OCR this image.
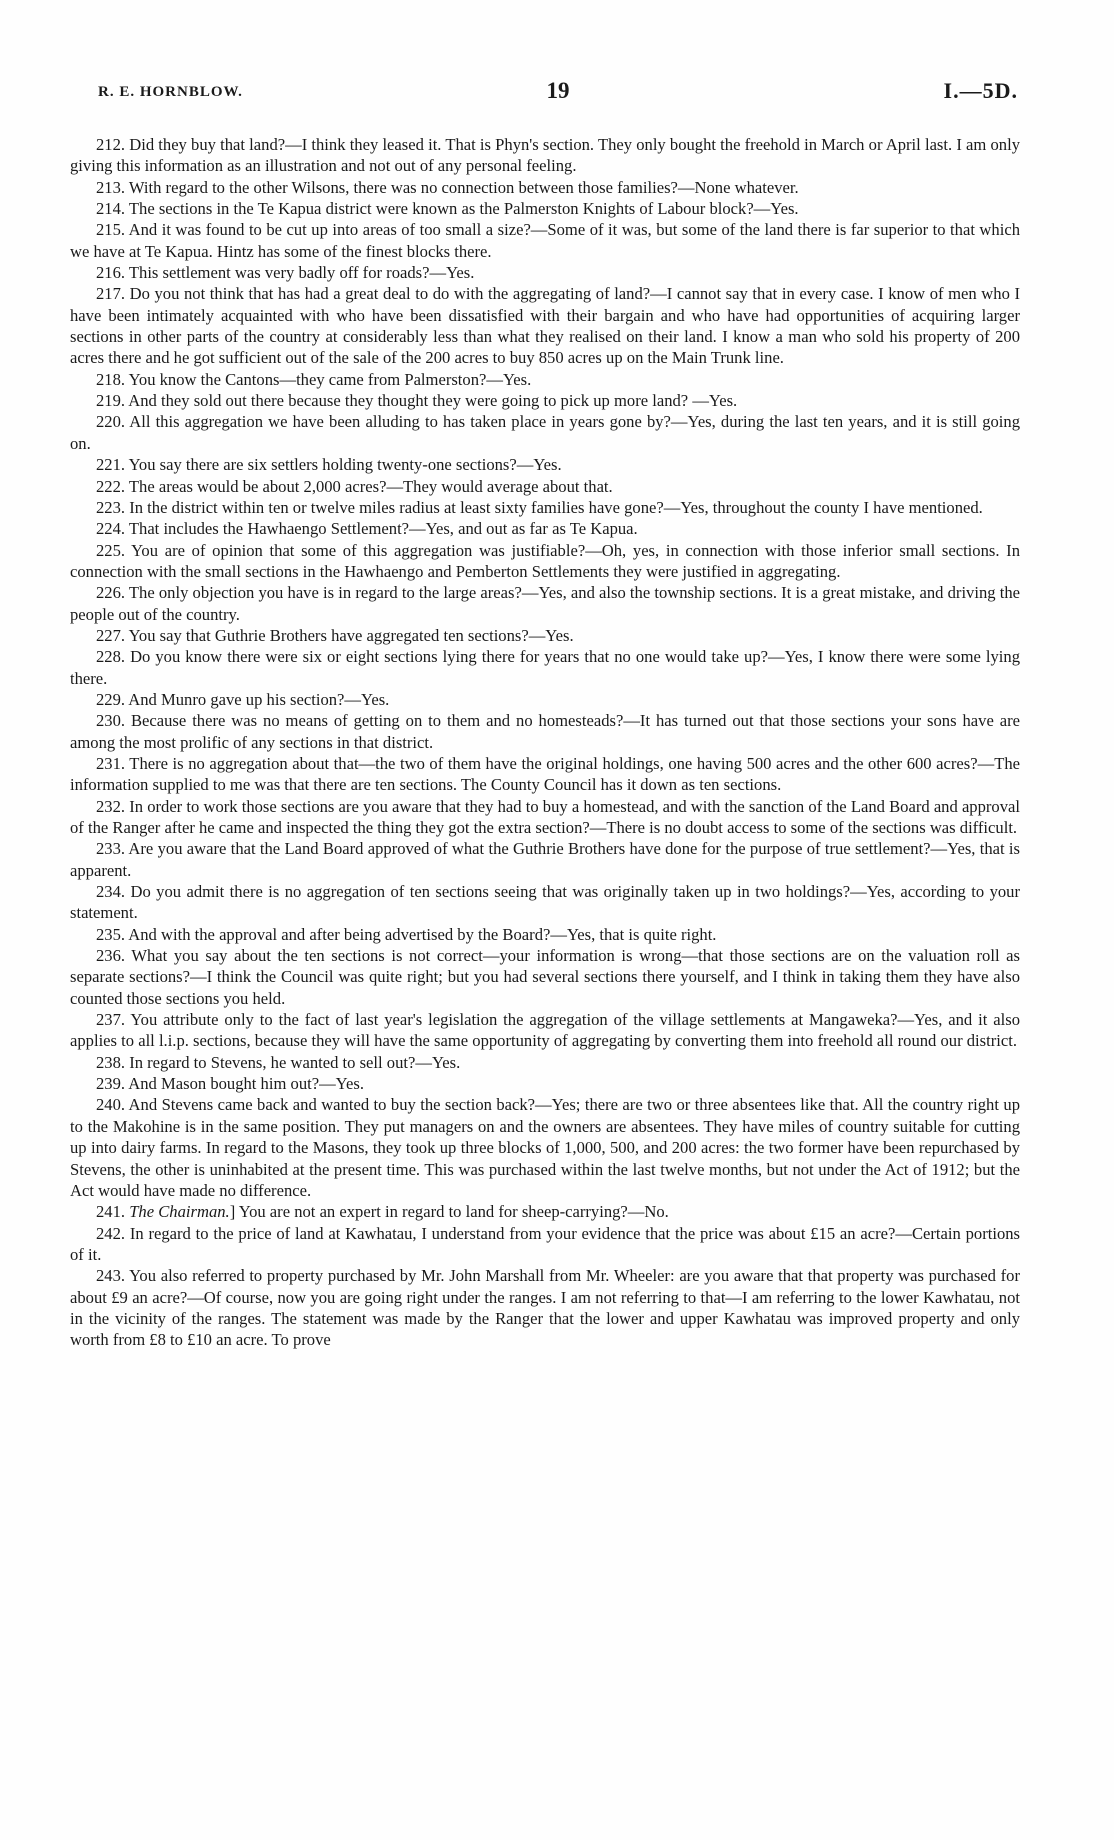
R. E. HORNBLOW.	19	I.—5D.

212. Did they buy that land?—I think they leased it. That is Phyn's section. They only bought the freehold in March or April last. I am only giving this information as an illustration and not out of any personal feeling.

213. With regard to the other Wilsons, there was no connection between those families?—None whatever.

214. The sections in the Te Kapua district were known as the Palmerston Knights of Labour block?—Yes.

215. And it was found to be cut up into areas of too small a size?—Some of it was, but some of the land there is far superior to that which we have at Te Kapua. Hintz has some of the finest blocks there.

216. This settlement was very badly off for roads?—Yes.

217. Do you not think that has had a great deal to do with the aggregating of land?—I cannot say that in every case. I know of men who I have been intimately acquainted with who have been dissatisfied with their bargain and who have had opportunities of acquiring larger sections in other parts of the country at considerably less than what they realised on their land. I know a man who sold his property of 200 acres there and he got sufficient out of the sale of the 200 acres to buy 850 acres up on the Main Trunk line.

218. You know the Cantons—they came from Palmerston?—Yes.

219. And they sold out there because they thought they were going to pick up more land? —Yes.

220. All this aggregation we have been alluding to has taken place in years gone by?—Yes, during the last ten years, and it is still going on.

221. You say there are six settlers holding twenty-one sections?—Yes.

222. The areas would be about 2,000 acres?—They would average about that.

223. In the district within ten or twelve miles radius at least sixty families have gone?—Yes, throughout the county I have mentioned.

224. That includes the Hawhaengo Settlement?—Yes, and out as far as Te Kapua.

225. You are of opinion that some of this aggregation was justifiable?—Oh, yes, in connection with those inferior small sections. In connection with the small sections in the Hawhaengo and Pemberton Settlements they were justified in aggregating.

226. The only objection you have is in regard to the large areas?—Yes, and also the township sections. It is a great mistake, and driving the people out of the country.

227. You say that Guthrie Brothers have aggregated ten sections?—Yes.

228. Do you know there were six or eight sections lying there for years that no one would take up?—Yes, I know there were some lying there.

229. And Munro gave up his section?—Yes.

230. Because there was no means of getting on to them and no homesteads?—It has turned out that those sections your sons have are among the most prolific of any sections in that district.

231. There is no aggregation about that—the two of them have the original holdings, one having 500 acres and the other 600 acres?—The information supplied to me was that there are ten sections. The County Council has it down as ten sections.

232. In order to work those sections are you aware that they had to buy a homestead, and with the sanction of the Land Board and approval of the Ranger after he came and inspected the thing they got the extra section?—There is no doubt access to some of the sections was difficult.

233. Are you aware that the Land Board approved of what the Guthrie Brothers have done for the purpose of true settlement?—Yes, that is apparent.

234. Do you admit there is no aggregation of ten sections seeing that was originally taken up in two holdings?—Yes, according to your statement.

235. And with the approval and after being advertised by the Board?—Yes, that is quite right.

236. What you say about the ten sections is not correct—your information is wrong—that those sections are on the valuation roll as separate sections?—I think the Council was quite right; but you had several sections there yourself, and I think in taking them they have also counted those sections you held.

237. You attribute only to the fact of last year's legislation the aggregation of the village settlements at Mangaweka?—Yes, and it also applies to all l.i.p. sections, because they will have the same opportunity of aggregating by converting them into freehold all round our district.

238. In regard to Stevens, he wanted to sell out?—Yes.

239. And Mason bought him out?—Yes.

240. And Stevens came back and wanted to buy the section back?—Yes; there are two or three absentees like that. All the country right up to the Makohine is in the same position. They put managers on and the owners are absentees. They have miles of country suitable for cutting up into dairy farms. In regard to the Masons, they took up three blocks of 1,000, 500, and 200 acres: the two former have been repurchased by Stevens, the other is uninhabited at the present time. This was purchased within the last twelve months, but not under the Act of 1912; but the Act would have made no difference.

241. The Chairman.] You are not an expert in regard to land for sheep-carrying?—No.

242. In regard to the price of land at Kawhatau, I understand from your evidence that the price was about £15 an acre?—Certain portions of it.

243. You also referred to property purchased by Mr. John Marshall from Mr. Wheeler: are you aware that that property was purchased for about £9 an acre?—Of course, now you are going right under the ranges. I am not referring to that—I am referring to the lower Kawhatau, not in the vicinity of the ranges. The statement was made by the Ranger that the lower and upper Kawhatau was improved property and only worth from £8 to £10 an acre. To prove
